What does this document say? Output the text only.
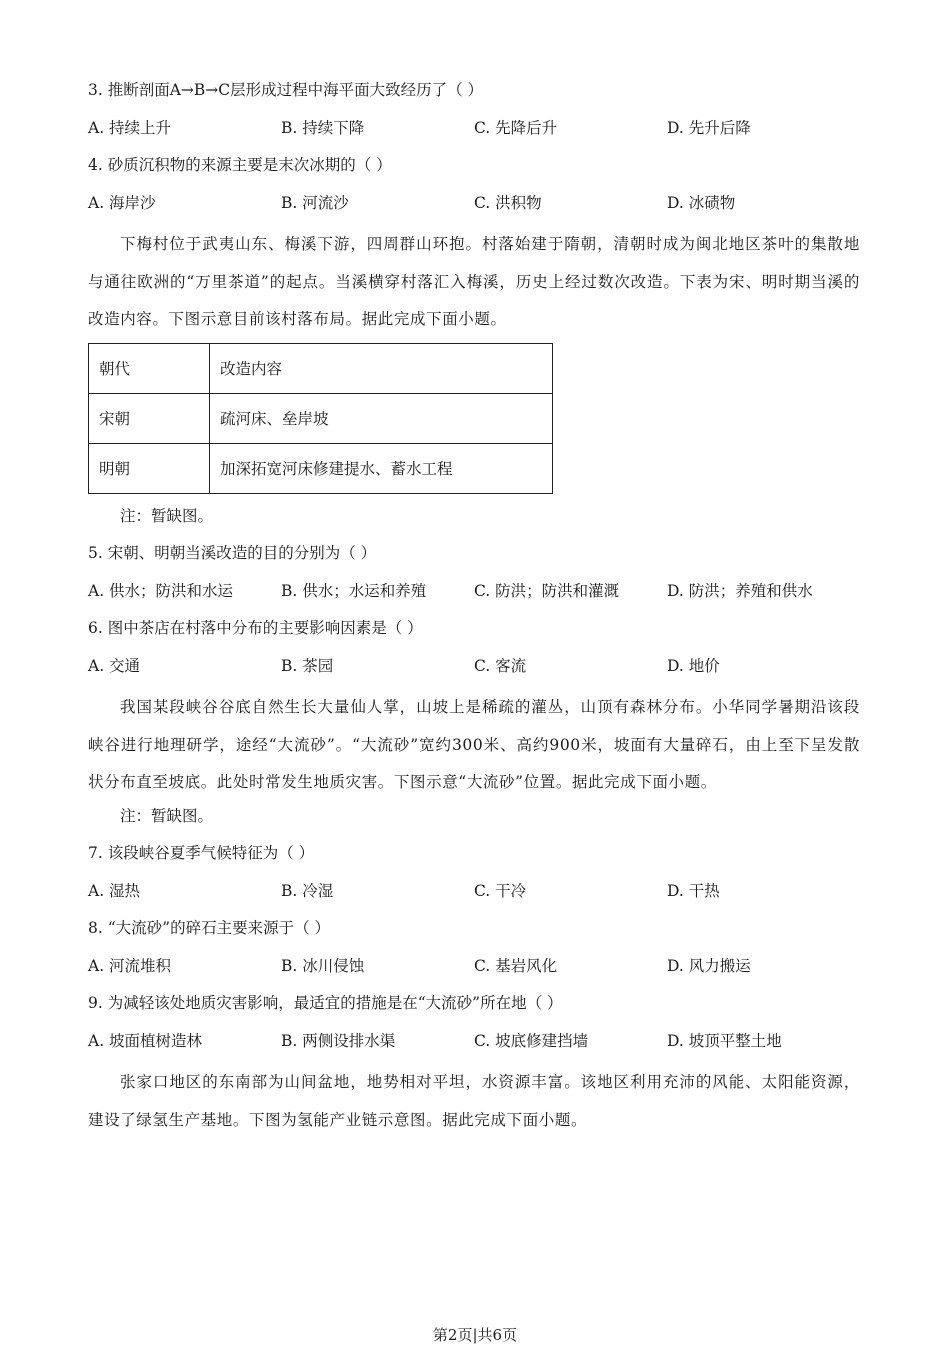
3. 推断剖面A→B→C层形成过程中海平面大致经历了（ ）
A. 持续上升	B. 持续下降	C. 先降后升	D. 先升后降
4. 砂质沉积物的来源主要是末次冰期的（ ）
A. 海岸沙	B. 河流沙	C. 洪积物	D. 冰碛物

下梅村位于武夷山东、梅溪下游，四周群山环抱。村落始建于隋朝，清朝时成为闽北地区茶叶的集散地与通往欧洲的“万里茶道”的起点。当溪横穿村落汇入梅溪，历史上经过数次改造。下表为宋、明时期当溪的改造内容。下图示意目前该村落布局。据此完成下面小题。

朝代	改造内容
宋朝	疏河床、垒岸坡
明朝	加深拓宽河床修建提水、蓄水工程
注：暂缺图。
5. 宋朝、明朝当溪改造的目的分别为（ ）
A. 供水；防洪和水运	B. 供水；水运和养殖	C. 防洪；防洪和灌溉	D. 防洪；养殖和供水
6. 图中茶店在村落中分布的主要影响因素是（ ）
A. 交通	B. 茶园	C. 客流	D. 地价

我国某段峡谷谷底自然生长大量仙人掌，山坡上是稀疏的灌丛，山顶有森林分布。小华同学暑期沿该段峡谷进行地理研学，途经“大流砂”。“大流砂”宽约300米、高约900米，坡面有大量碎石，由上至下呈发散状分布直至坡底。此处时常发生地质灾害。下图示意“大流砂”位置。据此完成下面小题。

注：暂缺图。
7. 该段峡谷夏季气候特征为（ ）
A. 湿热	B. 冷湿	C. 干冷	D. 干热
8. “大流砂”的碎石主要来源于（ ）
A. 河流堆积	B. 冰川侵蚀	C. 基岩风化	D. 风力搬运
9. 为减轻该处地质灾害影响，最适宜的措施是在“大流砂”所在地（ ）
A. 坡面植树造林	B. 两侧设排水渠	C. 坡底修建挡墙	D. 坡顶平整土地

张家口地区的东南部为山间盆地，地势相对平坦，水资源丰富。该地区利用充沛的风能、太阳能资源，建设了绿氢生产基地。下图为氢能产业链示意图。据此完成下面小题。

第2页|共6页
